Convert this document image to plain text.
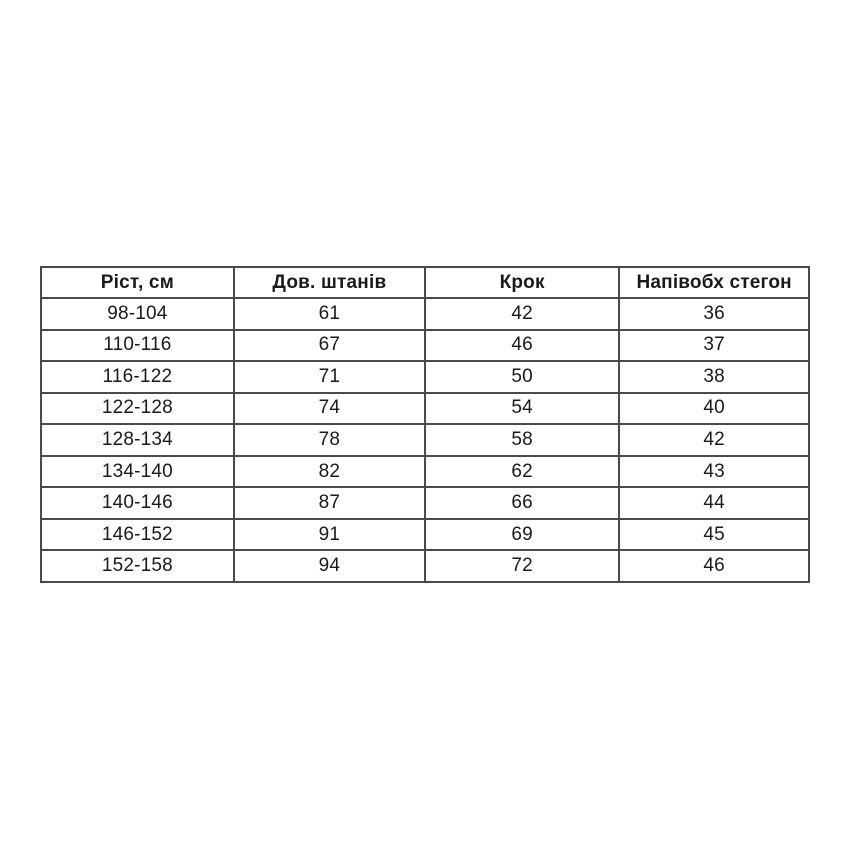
Ріст, см	Дов. штанів	Крок	Напівобх стегон
98-104	61	42	36
110-116	67	46	37
116-122	71	50	38
122-128	74	54	40
128-134	78	58	42
134-140	82	62	43
140-146	87	66	44
146-152	91	69	45
152-158	94	72	46
